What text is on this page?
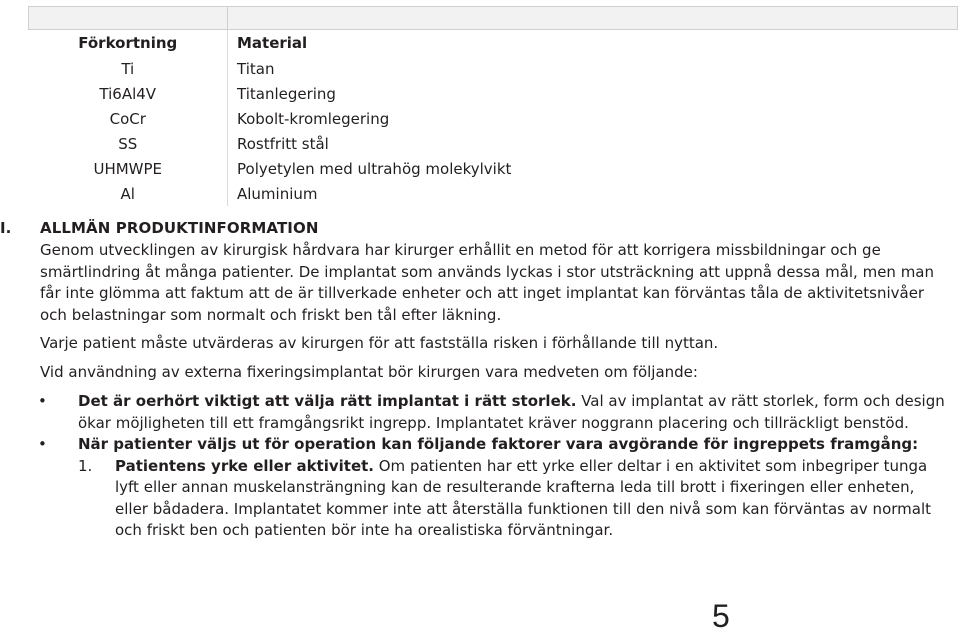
Förkortning	Material
Ti	Titan
Ti6Al4V	Titanlegering
CoCr	Kobolt-kromlegering
SS	Rostfritt stål
UHMWPE	Polyetylen med ultrahög molekylvikt
Al	Aluminium
I. ALLMÄN PRODUKTINFORMATION

Genom utvecklingen av kirurgisk hårdvara har kirurger erhållit en metod för att korrigera missbildningar och ge smärtlindring åt många patienter. De implantat som används lyckas i stor utsträckning att uppnå dessa mål, men man får inte glömma att faktum att de är tillverkade enheter och att inget implantat kan förväntas tåla de aktivitetsnivåer och belastningar som normalt och friskt ben tål efter läkning.

Varje patient måste utvärderas av kirurgen för att fastställa risken i förhållande till nyttan.

Vid användning av externa fixeringsimplantat bör kirurgen vara medveten om följande:

• Det är oerhört viktigt att välja rätt implantat i rätt storlek. Val av implantat av rätt storlek, form och design ökar möjligheten till ett framgångsrikt ingrepp. Implantatet kräver noggrann placering och tillräckligt benstöd.
• När patienter väljs ut för operation kan följande faktorer vara avgörande för ingreppets framgång:
1. Patientens yrke eller aktivitet. Om patienten har ett yrke eller deltar i en aktivitet som inbegriper tunga lyft eller annan muskelansträngning kan de resulterande krafterna leda till brott i fixeringen eller enheten, eller bådadera. Implantatet kommer inte att återställa funktionen till den nivå som kan förväntas av normalt och friskt ben och patienten bör inte ha orealistiska förväntningar.
5
